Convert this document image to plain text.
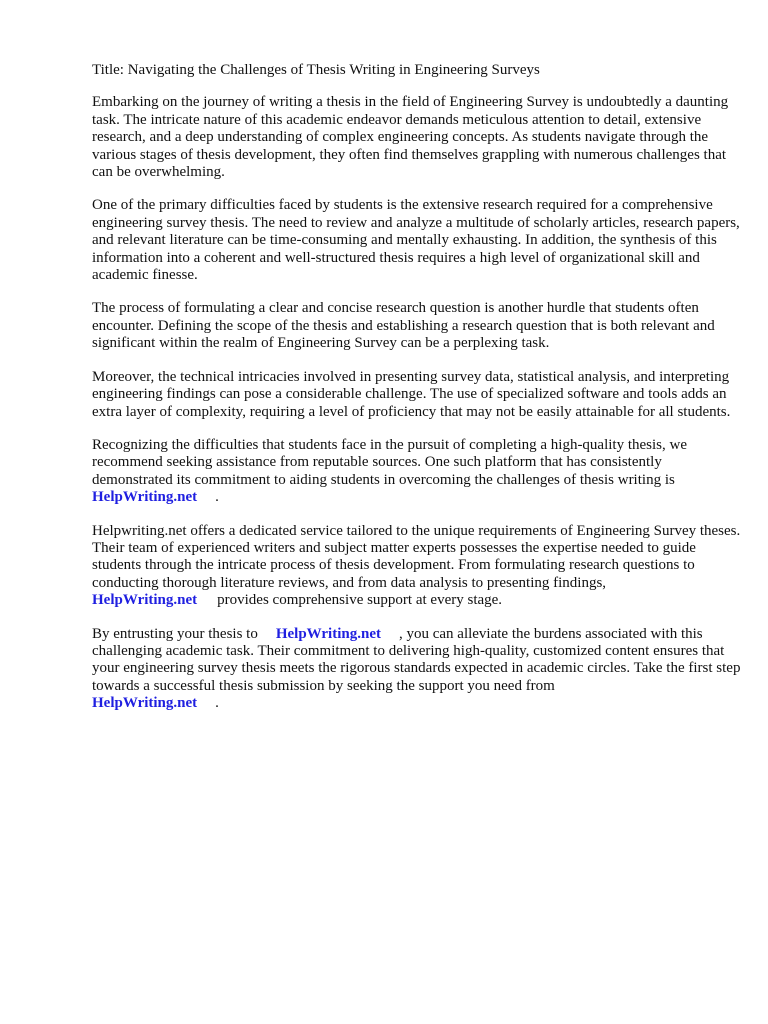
Title: Navigating the Challenges of Thesis Writing in Engineering Surveys

Embarking on the journey of writing a thesis in the field of Engineering Survey is undoubtedly a daunting task. The intricate nature of this academic endeavor demands meticulous attention to detail, extensive research, and a deep understanding of complex engineering concepts. As students navigate through the various stages of thesis development, they often find themselves grappling with numerous challenges that can be overwhelming.

One of the primary difficulties faced by students is the extensive research required for a comprehensive engineering survey thesis. The need to review and analyze a multitude of scholarly articles, research papers, and relevant literature can be time-consuming and mentally exhausting. In addition, the synthesis of this information into a coherent and well-structured thesis requires a high level of organizational skill and academic finesse.

The process of formulating a clear and concise research question is another hurdle that students often encounter. Defining the scope of the thesis and establishing a research question that is both relevant and significant within the realm of Engineering Survey can be a perplexing task.

Moreover, the technical intricacies involved in presenting survey data, statistical analysis, and interpreting engineering findings can pose a considerable challenge. The use of specialized software and tools adds an extra layer of complexity, requiring a level of proficiency that may not be easily attainable for all students.

Recognizing the difficulties that students face in the pursuit of completing a high-quality thesis, we recommend seeking assistance from reputable sources. One such platform that has consistently demonstrated its commitment to aiding students in overcoming the challenges of thesis writing is
HelpWriting.net .

Helpwriting.net offers a dedicated service tailored to the unique requirements of Engineering Survey theses. Their team of experienced writers and subject matter experts possesses the expertise needed to guide students through the intricate process of thesis development. From formulating research questions to conducting thorough literature reviews, and from data analysis to presenting findings,
HelpWriting.net provides comprehensive support at every stage.

By entrusting your thesis to HelpWriting.net , you can alleviate the burdens associated with this challenging academic task. Their commitment to delivering high-quality, customized content ensures that your engineering survey thesis meets the rigorous standards expected in academic circles. Take the first step towards a successful thesis submission by seeking the support you need from
HelpWriting.net .
